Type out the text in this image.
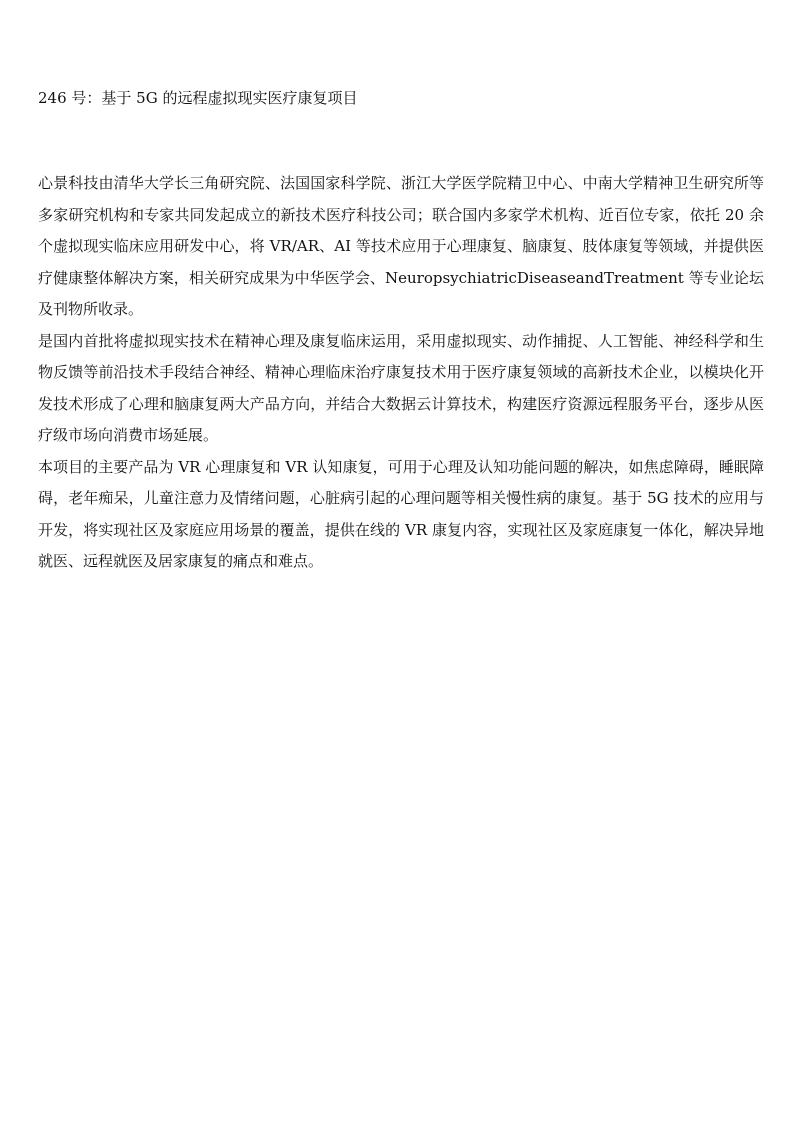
246 号：基于 5G 的远程虚拟现实医疗康复项目

心景科技由清华大学长三角研究院、法国国家科学院、浙江大学医学院精卫中心、中南大学精神卫生研究所等多家研究机构和专家共同发起成立的新技术医疗科技公司；联合国内多家学术机构、近百位专家，依托 20 余个虚拟现实临床应用研发中心，将 VR/AR、AI 等技术应用于心理康复、脑康复、肢体康复等领域，并提供医疗健康整体解决方案，相关研究成果为中华医学会、NeuropsychiatricDiseaseandTreatment 等专业论坛及刊物所收录。

是国内首批将虚拟现实技术在精神心理及康复临床运用，采用虚拟现实、动作捕捉、人工智能、神经科学和生物反馈等前沿技术手段结合神经、精神心理临床治疗康复技术用于医疗康复领域的高新技术企业，以模块化开发技术形成了心理和脑康复两大产品方向，并结合大数据云计算技术，构建医疗资源远程服务平台，逐步从医疗级市场向消费市场延展。

本项目的主要产品为 VR 心理康复和 VR 认知康复，可用于心理及认知功能问题的解决，如焦虑障碍，睡眠障碍，老年痴呆，儿童注意力及情绪问题，心脏病引起的心理问题等相关慢性病的康复。基于 5G 技术的应用与开发，将实现社区及家庭应用场景的覆盖，提供在线的 VR 康复内容，实现社区及家庭康复一体化，解决异地就医、远程就医及居家康复的痛点和难点。
